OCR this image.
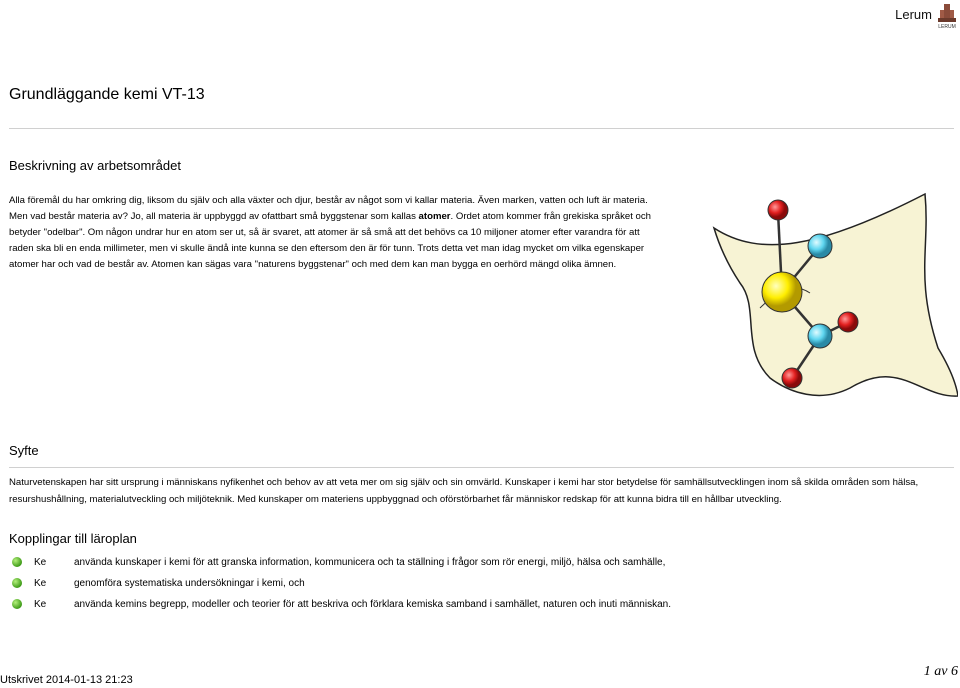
Lerum
LERUM
Grundläggande kemi VT-13
Beskrivning av arbetsområdet
Alla föremål du har omkring dig, liksom du själv och alla växter och djur, består av något som vi kallar materia. Även marken, vatten och luft är materia. Men vad består materia av? Jo, all materia är uppbyggd av ofattbart små byggstenar som kallas atomer. Ordet atom kommer från grekiska språket och betyder "odelbar". Om någon undrar hur en atom ser ut, så är svaret, att atomer är så små att det behövs ca 10 miljoner atomer efter varandra för att raden ska bli en enda millimeter, men vi skulle ändå inte kunna se den eftersom den är för tunn. Trots detta vet man idag mycket om vilka egenskaper atomer har och vad de består av. Atomen kan sägas vara "naturens byggstenar" och med dem kan man bygga en oerhörd mängd olika ämnen.
Syfte
Naturvetenskapen har sitt ursprung i människans nyfikenhet och behov av att veta mer om sig själv och sin omvärld. Kunskaper i kemi har stor betydelse för samhällsutvecklingen inom så skilda områden som hälsa, resurshushållning, materialutveckling och miljöteknik. Med kunskaper om materiens uppbyggnad och oförstörbarhet får människor redskap för att kunna bidra till en hållbar utveckling.
Kopplingar till läroplan
Ke	använda kunskaper i kemi för att granska information, kommunicera och ta ställning i frågor som rör energi, miljö, hälsa och samhälle,
Ke	genomföra systematiska undersökningar i kemi, och
Ke	använda kemins begrepp, modeller och teorier för att beskriva och förklara kemiska samband i samhället, naturen och inuti människan.
Utskrivet 2014-01-13 21:23
1 av 6
